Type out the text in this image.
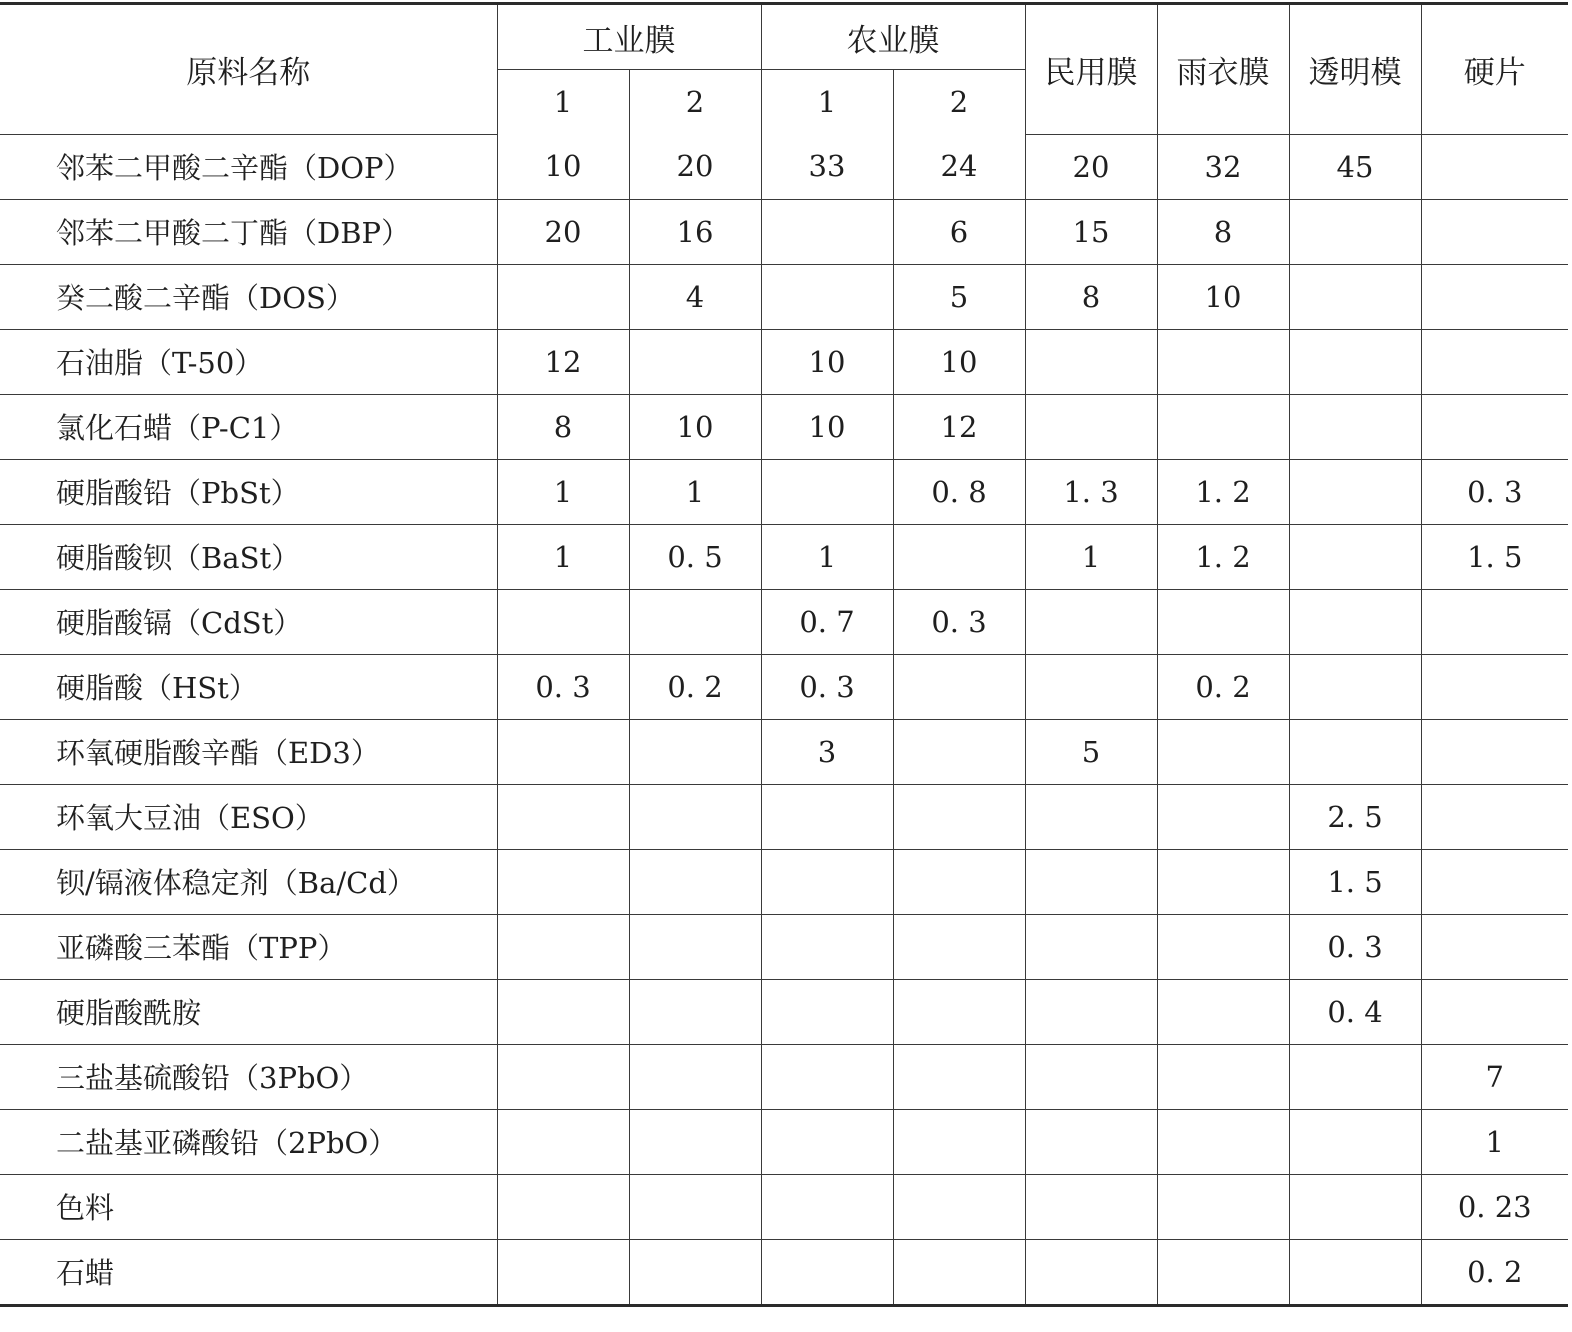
原料名称	工业膜		农业膜		民用膜	雨衣膜	透明模	硬片
	1	2	1	2				
邻苯二甲酸二辛酯（DOP）	10	20	33	24	20	32	45	
邻苯二甲酸二丁酯（DBP）	20	16		6	15	8		
癸二酸二辛酯（DOS）		4		5	8	10		
石油脂（T-50）	12		10	10				
氯化石蜡（P-C1）	8	10	10	12				
硬脂酸铅（PbSt）	1	1		0. 8	1. 3	1. 2		0. 3
硬脂酸钡（BaSt）	1	0. 5	1		1	1. 2		1. 5
硬脂酸镉（CdSt）			0. 7	0. 3				
硬脂酸（HSt）	0. 3	0. 2	0. 3			0. 2		
环氧硬脂酸辛酯（ED3）			3		5			
环氧大豆油（ESO）							2. 5	
钡/镉液体稳定剂（Ba/Cd）							1. 5	
亚磷酸三苯酯（TPP）							0. 3	
硬脂酸酰胺							0. 4	
三盐基硫酸铅（3PbO）								7
二盐基亚磷酸铅（2PbO）								1
色料								0. 23
石蜡								0. 2
